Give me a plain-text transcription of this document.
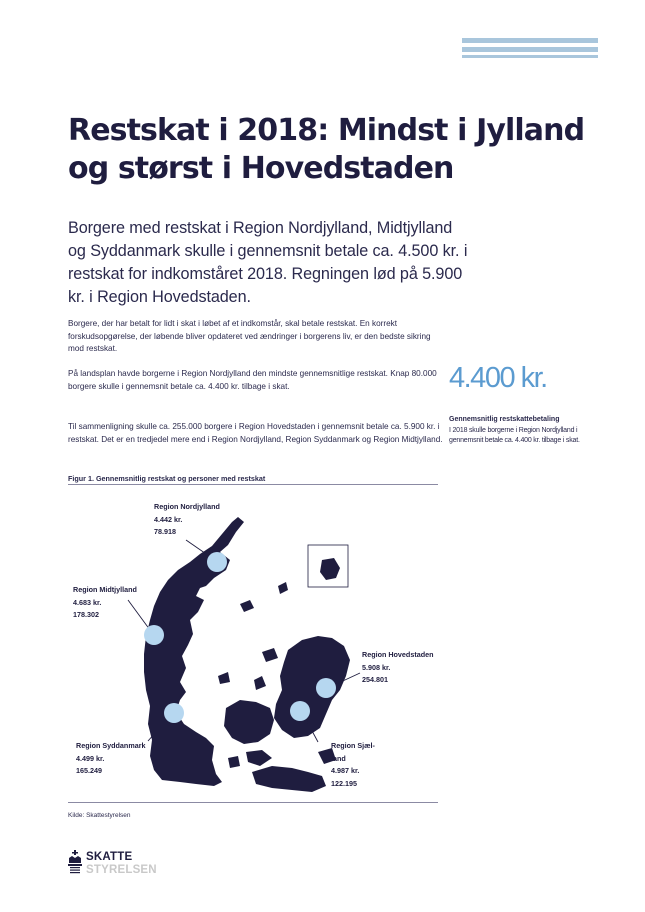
Restskat i 2018: Mindst i Jylland og størst i Hovedstaden

Borgere med restskat i Region Nordjylland, Midtjylland og Syddanmark skulle i gennemsnit betale ca. 4.500 kr. i restskat for indkomståret 2018. Regningen lød på 5.900 kr. i Region Hovedstaden.

Borgere, der har betalt for lidt i skat i løbet af et indkomstår, skal betale restskat. En korrekt forskudsopgørelse, der løbende bliver opdateret ved ændringer i borgerens liv, er den bedste sikring mod restskat.

På landsplan havde borgerne i Region Nordjylland den mindste gennemsnitlige restskat. Knap 80.000 borgere skulle i gennemsnit betale ca. 4.400 kr. tilbage i skat.

Til sammenligning skulle ca. 255.000 borgere i Region Hovedstaden i gennemsnit betale ca. 5.900 kr. i restskat. Det er en tredjedel mere end i Region Nordjylland, Region Syddanmark og Region Midtjylland.

4.400 kr.
Gennemsnitlig restskattebetaling
I 2018 skulle borgerne i Region Nordjylland i gennemsnit betale ca. 4.400 kr. tilbage i skat.
Figur 1. Gennemsnitlig restskat og personer med restskat
Region Nordjylland
4.442 kr.
78.918
Region Midtjylland
4.683 kr.
178.302
Region Hovedstaden
5.908 kr.
254.801
Region Syddanmark
4.499 kr.
165.249
Region Sjæl-
land
4.987 kr.
122.195
Kilde: Skattestyrelsen
SKATTE
STYRELSEN
